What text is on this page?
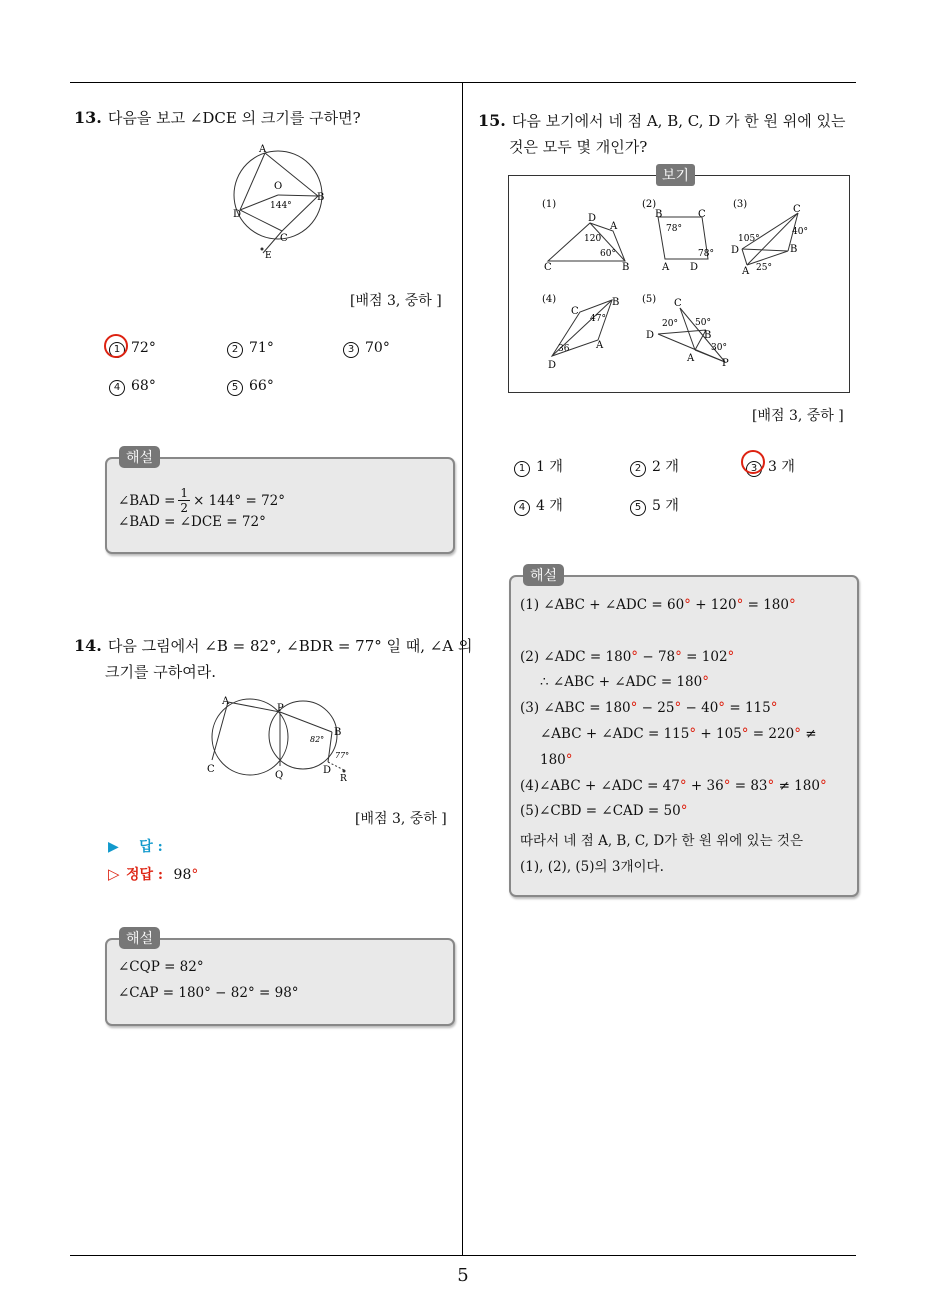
5
13. 다음을 보고 ∠DCE 의 크기를 구하면?
A
O
144°
B
D
C
E
[배점 3, 중하 ]
1 72°	2 71°	3 70°
4 68°	5 66°
해설
∠BAD = $\frac{1}{2} \times 144^\circ = 72^\circ$
∠BAD = ∠DCE = 72°
14. 다음 그림에서 ∠B = 82°, ∠BDR = 77° 일 때, ∠A 의
크기를 구하여라.
A
P
B
82°
77°
C
Q	D
R
[배점 3, 중하 ]
▶ 답 :
▷ 정답 : 98°
해설
∠CQP = 82°
∠CAP = 180° − 82° = 98°
15. 다음 보기에서 네 점 A, B, C, D 가 한 원 위에 있는
것은 모두 몇 개인가?
보기
(1)
D
A
120
60°
C	B
(2)
B	C
78°
78°
A D
(3)	C
105°
40°
D	B
A 25°
(4)	B
C
47°
36	A
D
(5) C
20° 50°
B
D
30°
A	P
[배점 3, 중하 ]
1 1 개	2 2 개	3 3 개
4 4 개	5 5 개
해설
(1) ∠ABC + ∠ADC = 60° + 120° = 180°
(2) ∠ADC = 180° − 78° = 102°
∴ ∠ABC + ∠ADC = 180°
(3) ∠ABC = 180° − 25° − 40° = 115°
∠ABC + ∠ADC = 115° + 105° = 220° ≠
180°
(4)∠ABC + ∠ADC = 47° + 36° = 83° ≠ 180°
(5)∠CBD = ∠CAD = 50°
따라서 네 점 A, B, C, D가 한 원 위에 있는 것은
(1), (2), (5)의 3개이다.
